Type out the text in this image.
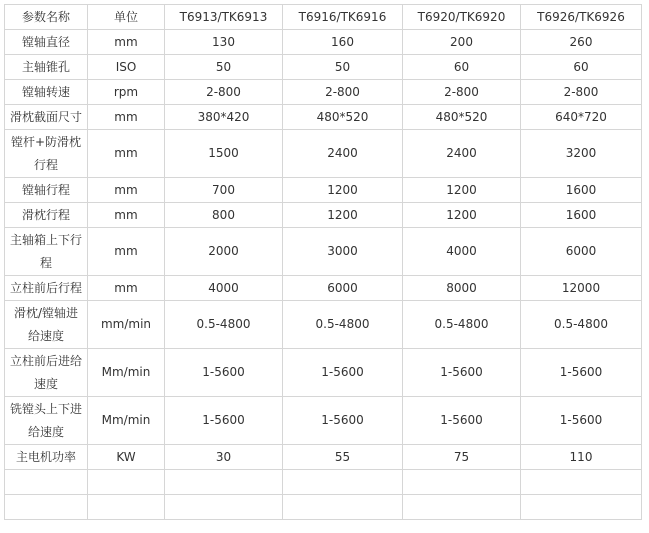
参数名称	单位	T6913/TK6913	T6916/TK6916	T6920/TK6920	T6926/TK6926
镗轴直径	mm	130	160	200	260
主轴锥孔	ISO	50	50	60	60
镗轴转速	rpm	2-800	2-800	2-800	2-800
滑枕截面尺寸	mm	380*420	480*520	480*520	640*720
镗杆+防滑枕行程	mm	1500	2400	2400	3200
镗轴行程	mm	700	1200	1200	1600
滑枕行程	mm	800	1200	1200	1600
主轴箱上下行程	mm	2000	3000	4000	6000
立柱前后行程	mm	4000	6000	8000	12000
滑枕/镗轴进给速度	mm/min	0.5-4800	0.5-4800	0.5-4800	0.5-4800
立柱前后进给速度	Mm/min	1-5600	1-5600	1-5600	1-5600
铣镗头上下进给速度	Mm/min	1-5600	1-5600	1-5600	1-5600
主电机功率	KW	30	55	75	110
